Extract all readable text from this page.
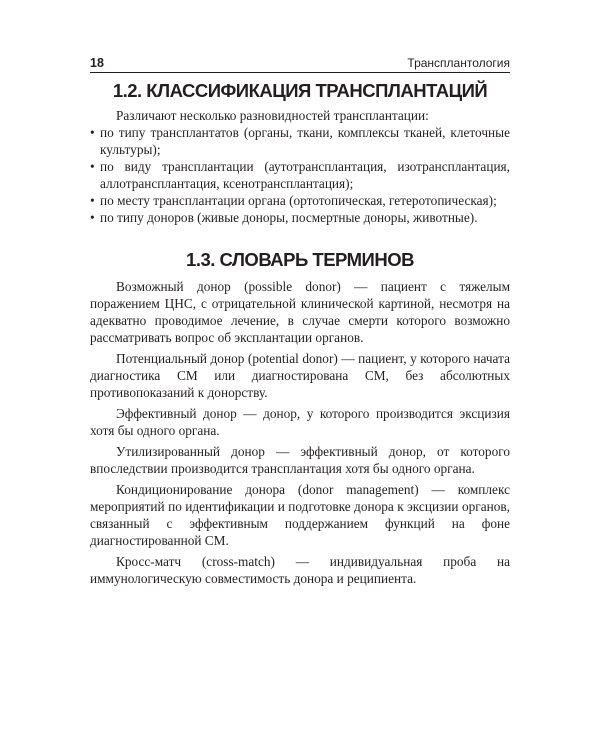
18	Трансплантология
1.2. КЛАССИФИКАЦИЯ ТРАНСПЛАНТАЦИЙ

Различают несколько разновидностей трансплантации:

• по типу трансплантатов (органы, ткани, комплексы тканей, клеточные культуры);
• по виду трансплантации (аутотрансплантация, изотрансплантация, аллотрансплантация, ксенотрансплантация);
• по месту трансплантации органа (ортотопическая, гетеротопическая);
• по типу доноров (живые доноры, посмертные доноры, животные).
1.3. СЛОВАРЬ ТЕРМИНОВ

Возможный донор (possible donor) — пациент с тяжелым поражением ЦНС, с отрицательной клинической картиной, несмотря на адекватно проводимое лечение, в случае смерти которого возможно рассматривать вопрос об эксплантации органов.

Потенциальный донор (potential donor) — пациент, у которого начата диагностика СМ или диагностирована СМ, без абсолютных противопоказаний к донорству.

Эффективный донор — донор, у которого производится эксцизия хотя бы одного органа.

Утилизированный донор — эффективный донор, от которого впоследствии производится трансплантация хотя бы одного органа.

Кондиционирование донора (donor management) — комплекс мероприятий по идентификации и подготовке донора к эксцизии органов, связанный с эффективным поддержанием функций на фоне диагностированной СМ.

Кросс-матч (cross-match) — индивидуальная проба на иммунологическую совместимость донора и реципиента.
